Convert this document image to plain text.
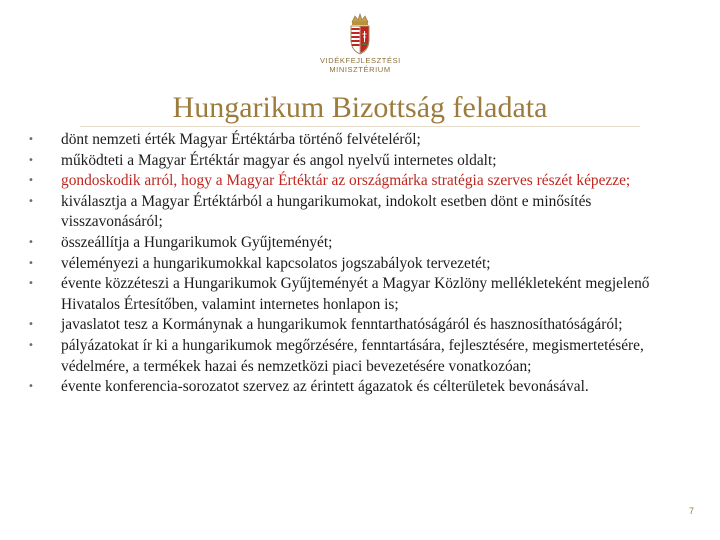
VIDÉKFEJLESZTÉSI
MINISZTÉRIUM
Hungarikum Bizottság feladata
• dönt nemzeti érték Magyar Értéktárba történő felvételéről;
• működteti a Magyar Értéktár magyar és angol nyelvű internetes oldalt;
• gondoskodik arról, hogy a Magyar Értéktár az országmárka stratégia szerves részét képezze;
• kiválasztja a Magyar Értéktárból a hungarikumokat, indokolt esetben dönt e minősítés visszavonásáról;
• összeállítja a Hungarikumok Gyűjteményét;
• véleményezi a hungarikumokkal kapcsolatos jogszabályok tervezetét;
• évente közzéteszi a Hungarikumok Gyűjteményét a Magyar Közlöny mellékleteként megjelenő Hivatalos Értesítőben, valamint internetes honlapon is;
• javaslatot tesz a Kormánynak a hungarikumok fenntarthatóságáról és hasznosíthatóságáról;
• pályázatokat ír ki a hungarikumok megőrzésére, fenntartására, fejlesztésére, megismertetésére, védelmére, a termékek hazai és nemzetközi piaci bevezetésére vonatkozóan;
• évente konferencia-sorozatot szervez az érintett ágazatok és célterületek bevonásával.
7
